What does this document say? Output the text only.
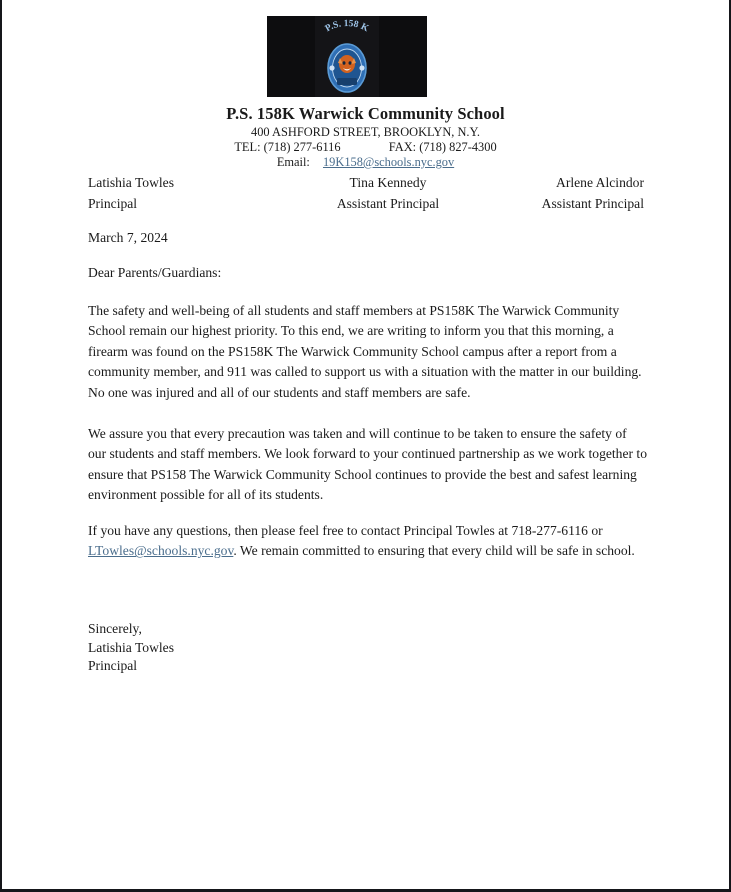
P.S. 158 K
P.S. 158K Warwick Community School
400 ASHFORD STREET, BROOKLYN, N.Y.
TEL: (718) 277-6116	FAX: (718) 827-4300
Email: 19K158@schools.nyc.gov
Latishia Towles	Tina Kennedy	Arlene Alcindor
Principal	Assistant Principal	Assistant Principal
March 7, 2024
Dear Parents/Guardians:
The safety and well-being of all students and staff members at PS158K The Warwick Community School remain our highest priority. To this end, we are writing to inform you that this morning, a firearm was found on the PS158K The Warwick Community School campus after a report from a community member, and 911 was called to support us with a situation with the matter in our building. No one was injured and all of our students and staff members are safe.
We assure you that every precaution was taken and will continue to be taken to ensure the safety of our students and staff members. We look forward to your continued partnership as we work together to ensure that PS158 The Warwick Community School continues to provide the best and safest learning environment possible for all of its students.
If you have any questions, then please feel free to contact Principal Towles at 718-277-6116 or LTowles@schools.nyc.gov. We remain committed to ensuring that every child will be safe in school.
Sincerely,
Latishia Towles
Principal
